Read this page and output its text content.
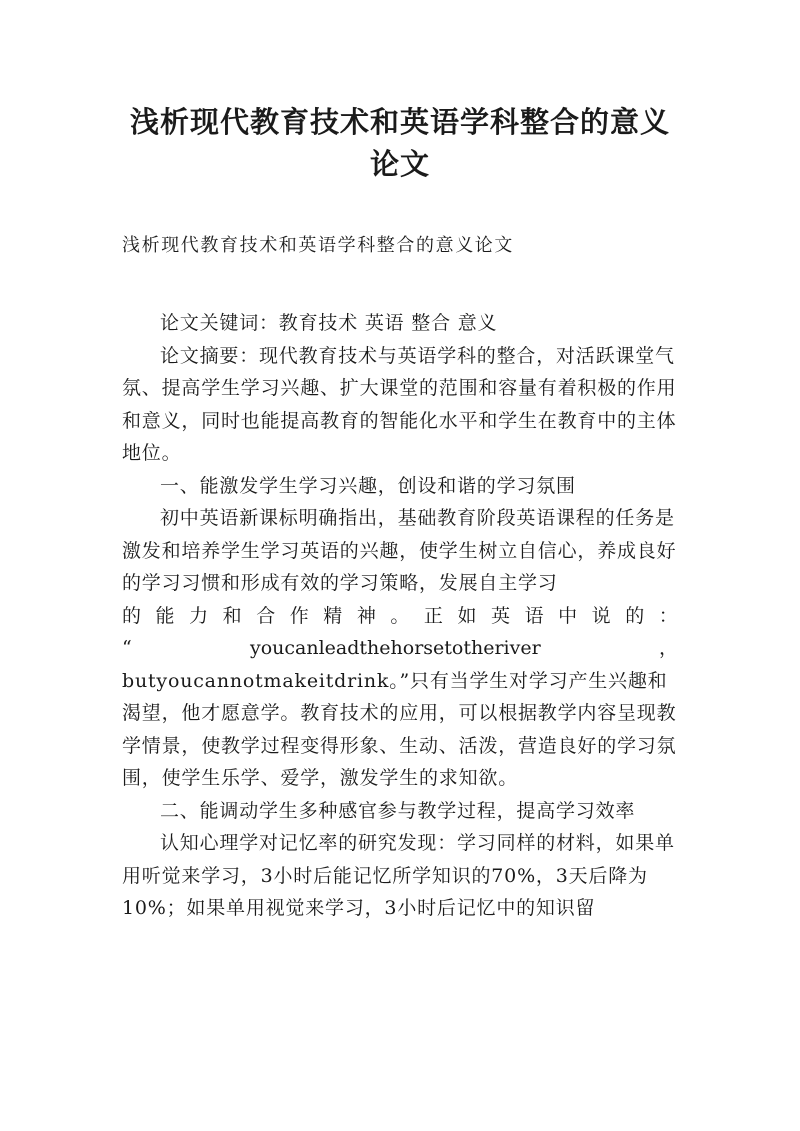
浅析现代教育技术和英语学科整合的意义
论文

浅析现代教育技术和英语学科整合的意义论文

论文关键词：教育技术 英语 整合 意义

论文摘要：现代教育技术与英语学科的整合，对活跃课堂气氛、提高学生学习兴趣、扩大课堂的范围和容量有着积极的作用和意义，同时也能提高教育的智能化水平和学生在教育中的主体地位。

一、能激发学生学习兴趣，创设和谐的学习氛围

初中英语新课标明确指出，基础教育阶段英语课程的任务是激发和培养学生学习英语的兴趣，使学生树立自信心，养成良好的学习习惯和形成有效的学习策略，发展自主学习

的 能 力 和 合 作 精 神 。 正 如 英 语 中 说 的 ：

“	youcanleadthehorsetotheriver	，

butyoucannotmakeitdrink。”只有当学生对学习产生兴趣和渴望，他才愿意学。教育技术的应用，可以根据教学内容呈现教学情景，使教学过程变得形象、生动、活泼，营造良好的学习氛围，使学生乐学、爱学，激发学生的求知欲。

二、能调动学生多种感官参与教学过程，提高学习效率

认知心理学对记忆率的研究发现：学习同样的材料，如果单用听觉来学习，3小时后能记忆所学知识的70%，3天后降为10%；如果单用视觉来学习，3小时后记忆中的知识留
